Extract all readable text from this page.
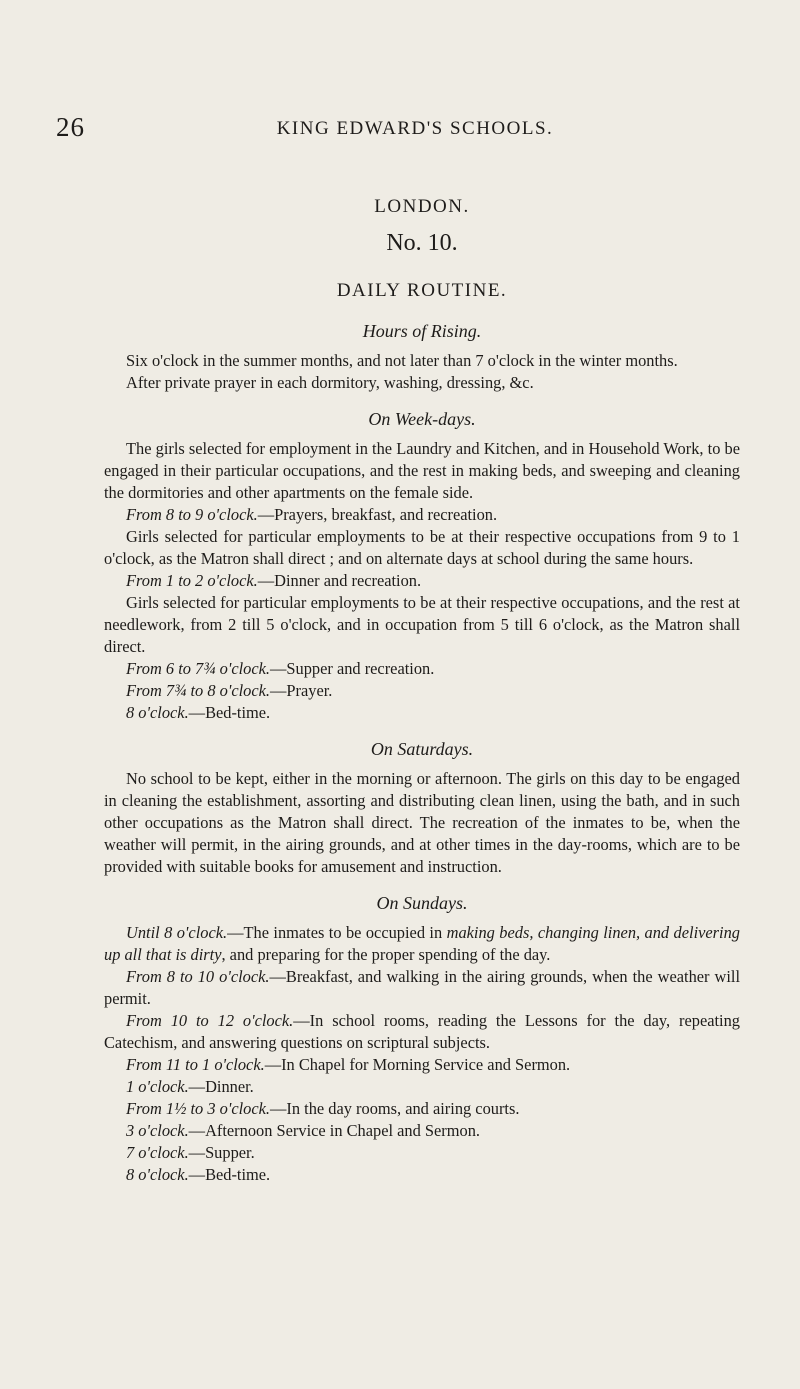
26	KING EDWARD'S SCHOOLS.
LONDON.
No. 10.
DAILY ROUTINE.
Hours of Rising.

Six o'clock in the summer months, and not later than 7 o'clock in the winter months.

After private prayer in each dormitory, washing, dressing, &c.

On Week-days.

The girls selected for employment in the Laundry and Kitchen, and in Household Work, to be engaged in their particular occupations, and the rest in making beds, and sweeping and cleaning the dormitories and other apartments on the female side.

From 8 to 9 o'clock.—Prayers, breakfast, and recreation.

Girls selected for particular employments to be at their respective occupations from 9 to 1 o'clock, as the Matron shall direct ; and on alternate days at school during the same hours.

From 1 to 2 o'clock.—Dinner and recreation.

Girls selected for particular employments to be at their respective occupations, and the rest at needlework, from 2 till 5 o'clock, and in occupation from 5 till 6 o'clock, as the Matron shall direct.

From 6 to 7¾ o'clock.—Supper and recreation.

From 7¾ to 8 o'clock.—Prayer.

8 o'clock.—Bed-time.

On Saturdays.

No school to be kept, either in the morning or afternoon. The girls on this day to be engaged in cleaning the establishment, assorting and distributing clean linen, using the bath, and in such other occupations as the Matron shall direct. The recreation of the inmates to be, when the weather will permit, in the airing grounds, and at other times in the day-rooms, which are to be provided with suitable books for amusement and instruction.

On Sundays.

Until 8 o'clock.—The inmates to be occupied in making beds, changing linen, and delivering up all that is dirty, and preparing for the proper spending of the day.

From 8 to 10 o'clock.—Breakfast, and walking in the airing grounds, when the weather will permit.

From 10 to 12 o'clock.—In school rooms, reading the Lessons for the day, repeating Catechism, and answering questions on scriptural subjects.

From 11 to 1 o'clock.—In Chapel for Morning Service and Sermon.

1 o'clock.—Dinner.

From 1½ to 3 o'clock.—In the day rooms, and airing courts.

3 o'clock.—Afternoon Service in Chapel and Sermon.

7 o'clock.—Supper.

8 o'clock.—Bed-time.
